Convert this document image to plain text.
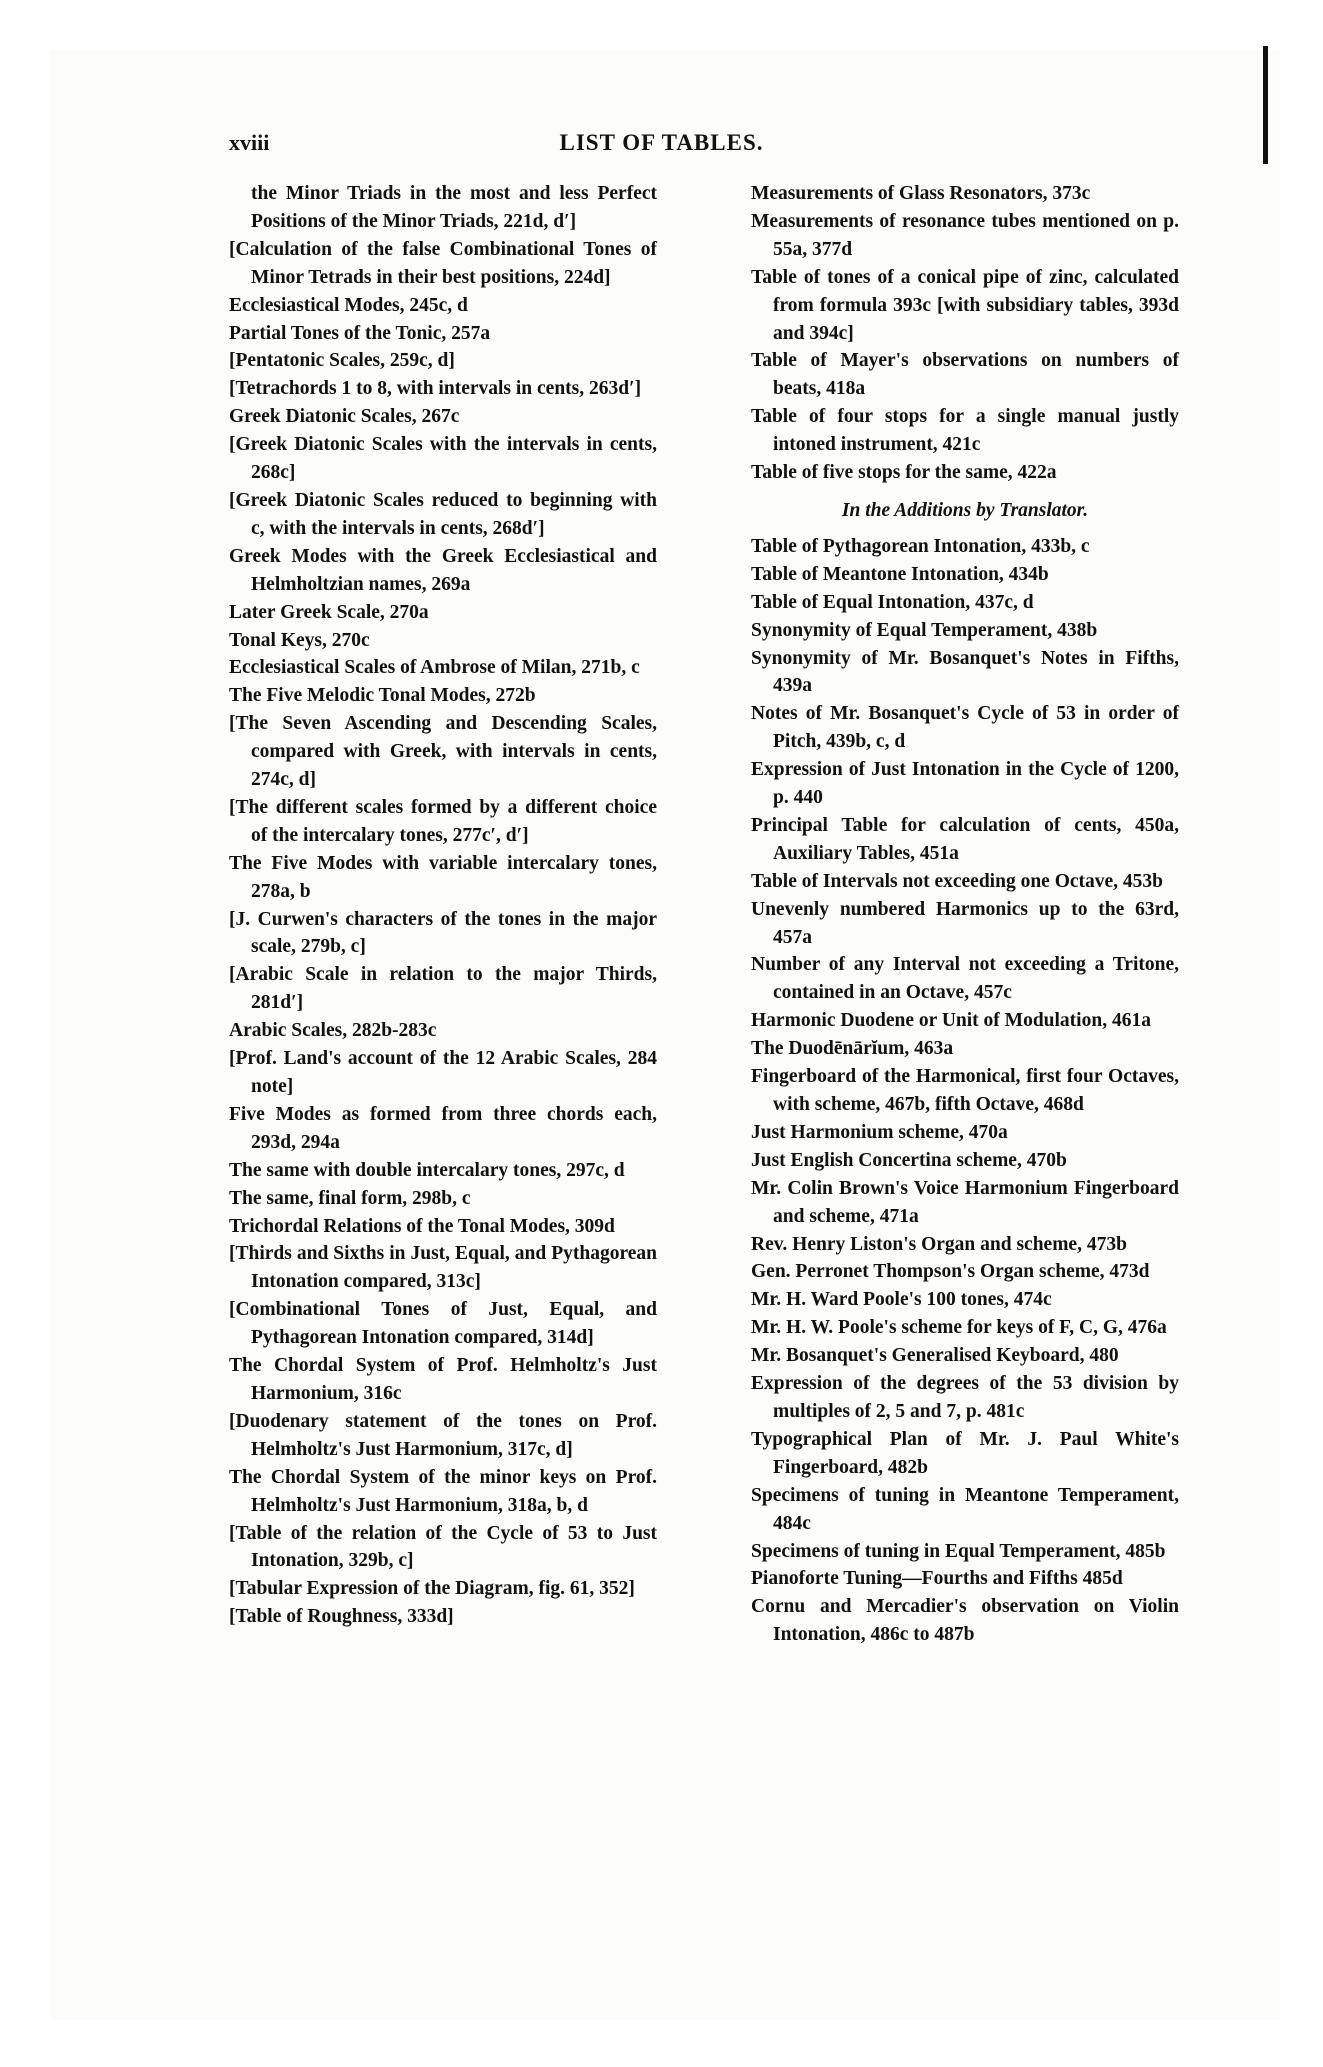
xviii	LIST OF TABLES.
the Minor Triads in the most and less Perfect Positions of the Minor Triads, 221d, d′]
[Calculation of the false Combinational Tones of Minor Tetrads in their best positions, 224d]
Ecclesiastical Modes, 245c, d
Partial Tones of the Tonic, 257a
[Pentatonic Scales, 259c, d]
[Tetrachords 1 to 8, with intervals in cents, 263d′]
Greek Diatonic Scales, 267c
[Greek Diatonic Scales with the intervals in cents, 268c]
[Greek Diatonic Scales reduced to beginning with c, with the intervals in cents, 268d′]
Greek Modes with the Greek Ecclesiastical and Helmholtzian names, 269a
Later Greek Scale, 270a
Tonal Keys, 270c
Ecclesiastical Scales of Ambrose of Milan, 271b, c
The Five Melodic Tonal Modes, 272b
[The Seven Ascending and Descending Scales, compared with Greek, with intervals in cents, 274c, d]
[The different scales formed by a different choice of the intercalary tones, 277c′, d′]
The Five Modes with variable intercalary tones, 278a, b
[J. Curwen's characters of the tones in the major scale, 279b, c]
[Arabic Scale in relation to the major Thirds, 281d′]
Arabic Scales, 282b-283c
[Prof. Land's account of the 12 Arabic Scales, 284 note]
Five Modes as formed from three chords each, 293d, 294a
The same with double intercalary tones, 297c, d
The same, final form, 298b, c
Trichordal Relations of the Tonal Modes, 309d
[Thirds and Sixths in Just, Equal, and Pythagorean Intonation compared, 313c]
[Combinational Tones of Just, Equal, and Pythagorean Intonation compared, 314d]
The Chordal System of Prof. Helmholtz's Just Harmonium, 316c
[Duodenary statement of the tones on Prof. Helmholtz's Just Harmonium, 317c, d]
The Chordal System of the minor keys on Prof. Helmholtz's Just Harmonium, 318a, b, d
[Table of the relation of the Cycle of 53 to Just Intonation, 329b, c]
[Tabular Expression of the Diagram, fig. 61, 352]
[Table of Roughness, 333d]
Measurements of Glass Resonators, 373c
Measurements of resonance tubes mentioned on p. 55a, 377d
Table of tones of a conical pipe of zinc, calculated from formula 393c [with subsidiary tables, 393d and 394c]
Table of Mayer's observations on numbers of beats, 418a
Table of four stops for a single manual justly intoned instrument, 421c
Table of five stops for the same, 422a
In the Additions by Translator.
Table of Pythagorean Intonation, 433b, c
Table of Meantone Intonation, 434b
Table of Equal Intonation, 437c, d
Synonymity of Equal Temperament, 438b
Synonymity of Mr. Bosanquet's Notes in Fifths, 439a
Notes of Mr. Bosanquet's Cycle of 53 in order of Pitch, 439b, c, d
Expression of Just Intonation in the Cycle of 1200, p. 440
Principal Table for calculation of cents, 450a, Auxiliary Tables, 451a
Table of Intervals not exceeding one Octave, 453b
Unevenly numbered Harmonics up to the 63rd, 457a
Number of any Interval not exceeding a Tritone, contained in an Octave, 457c
Harmonic Duodene or Unit of Modulation, 461a
The Duodēnārĭum, 463a
Fingerboard of the Harmonical, first four Octaves, with scheme, 467b, fifth Octave, 468d
Just Harmonium scheme, 470a
Just English Concertina scheme, 470b
Mr. Colin Brown's Voice Harmonium Fingerboard and scheme, 471a
Rev. Henry Liston's Organ and scheme, 473b
Gen. Perronet Thompson's Organ scheme, 473d
Mr. H. Ward Poole's 100 tones, 474c
Mr. H. W. Poole's scheme for keys of F, C, G, 476a
Mr. Bosanquet's Generalised Keyboard, 480
Expression of the degrees of the 53 division by multiples of 2, 5 and 7, p. 481c
Typographical Plan of Mr. J. Paul White's Fingerboard, 482b
Specimens of tuning in Meantone Temperament, 484c
Specimens of tuning in Equal Temperament, 485b
Pianoforte Tuning—Fourths and Fifths 485d
Cornu and Mercadier's observation on Violin Intonation, 486c to 487b
